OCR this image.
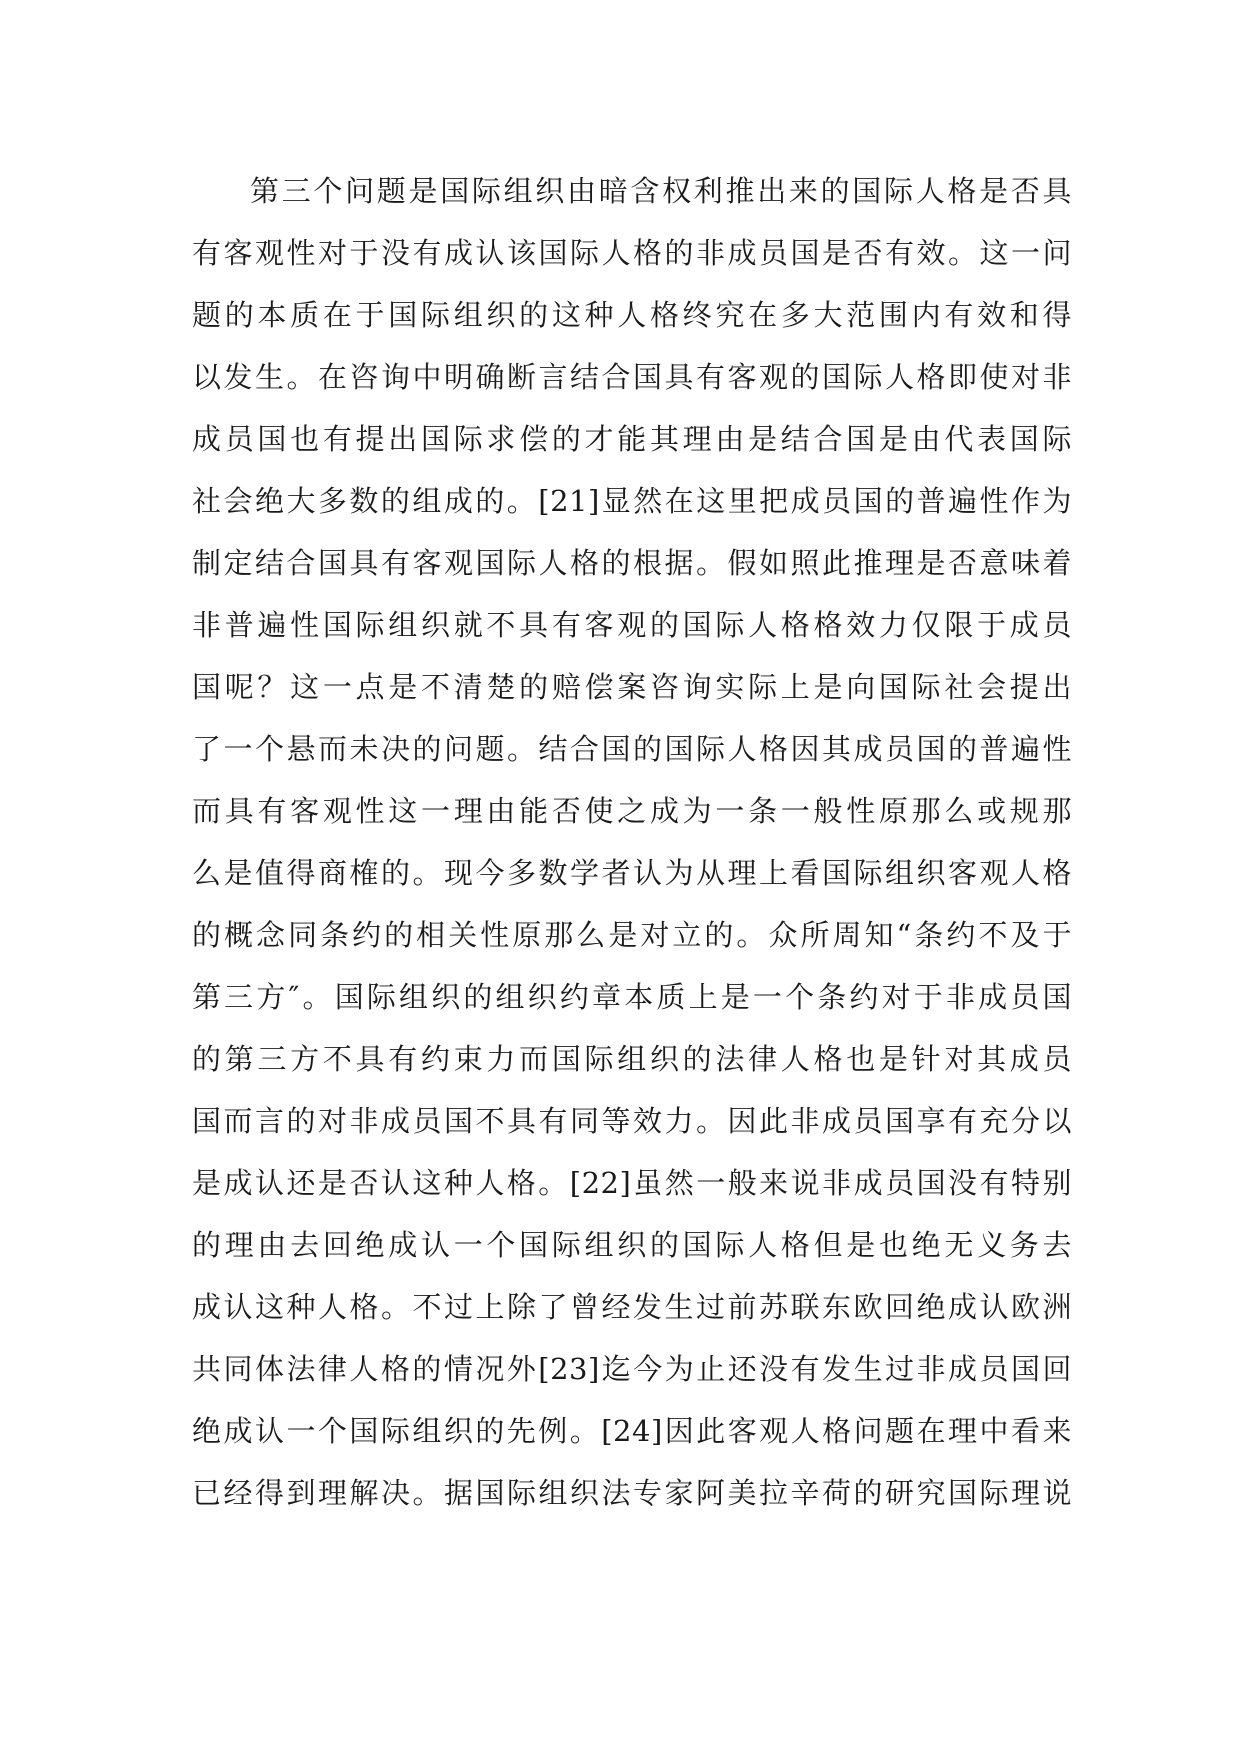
第三个问题是国际组织由暗含权利推出来的国际人格是否具
有客观性对于没有成认该国际人格的非成员国是否有效。这一问
题的本质在于国际组织的这种人格终究在多大范围内有效和得
以发生。在咨询中明确断言结合国具有客观的国际人格即使对非
成员国也有提出国际求偿的才能其理由是结合国是由代表国际
社会绝大多数的组成的。[21]显然在这里把成员国的普遍性作为
制定结合国具有客观国际人格的根据。假如照此推理是否意味着
非普遍性国际组织就不具有客观的国际人格格效力仅限于成员
国呢？这一点是不清楚的赔偿案咨询实际上是向国际社会提出
了一个悬而未决的问题。结合国的国际人格因其成员国的普遍性
而具有客观性这一理由能否使之成为一条一般性原那么或规那
么是值得商榷的。现今多数学者认为从理上看国际组织客观人格
的概念同条约的相关性原那么是对立的。众所周知“条约不及于
第三方″。国际组织的组织约章本质上是一个条约对于非成员国
的第三方不具有约束力而国际组织的法律人格也是针对其成员
国而言的对非成员国不具有同等效力。因此非成员国享有充分以
是成认还是否认这种人格。[22]虽然一般来说非成员国没有特别
的理由去回绝成认一个国际组织的国际人格但是也绝无义务去
成认这种人格。不过上除了曾经发生过前苏联东欧回绝成认欧洲
共同体法律人格的情况外[23]迄今为止还没有发生过非成员国回
绝成认一个国际组织的先例。[24]因此客观人格问题在理中看来
已经得到理解决。据国际组织法专家阿美拉辛荷的研究国际理说
